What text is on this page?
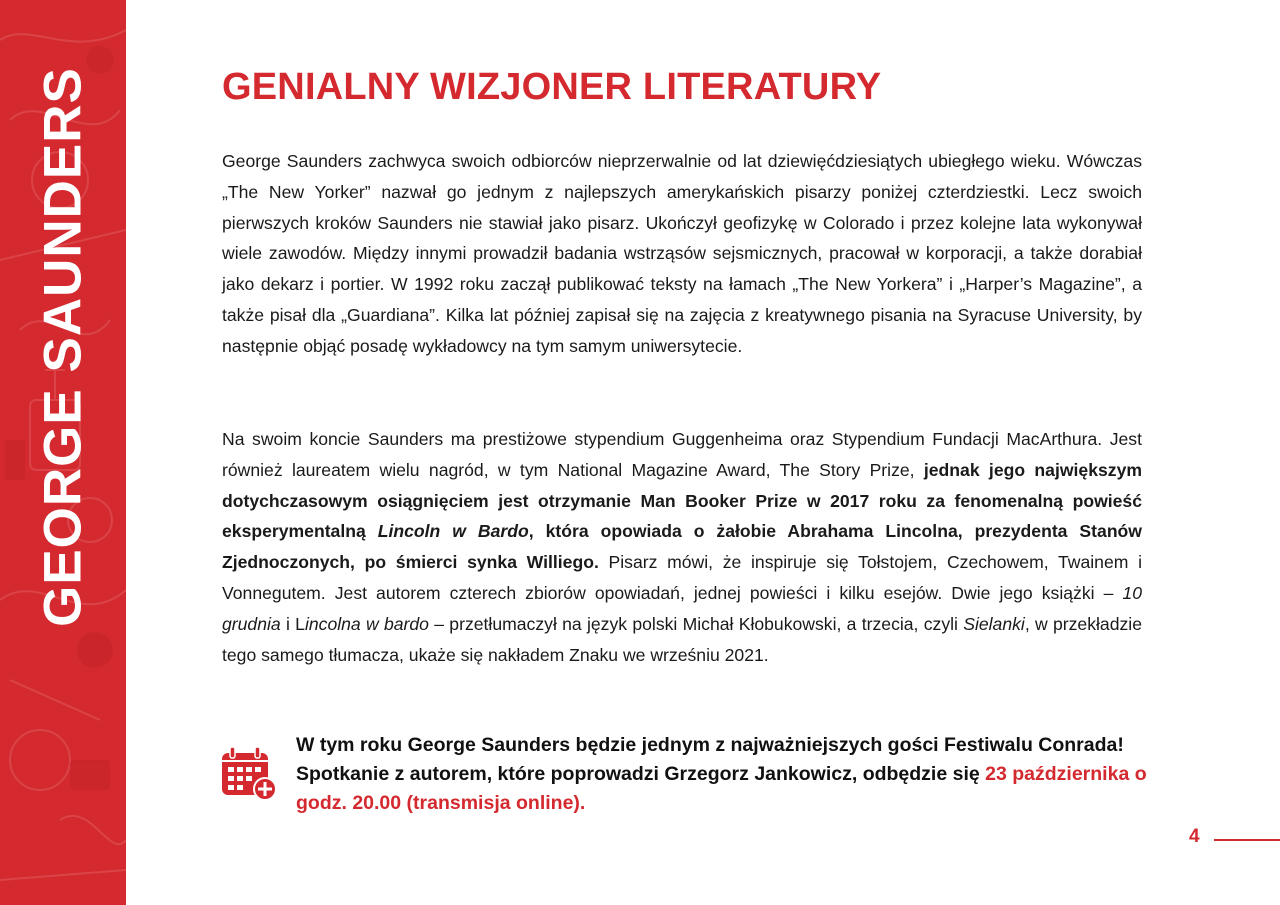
GEORGE SAUNDERS	GENIALNY WIZJONER LITERATURY

George Saunders zachwyca swoich odbiorców nieprzerwalnie od lat dziewięćdziesiątych ubiegłego wieku. Wówczas „The New Yorker” nazwał go jednym z najlepszych amerykańskich pisarzy poniżej czterdziestki. Lecz swoich pierwszych kroków Saunders nie stawiał jako pisarz. Ukończył geofizykę w Colorado i przez kolejne lata wykonywał wiele zawodów. Między innymi prowadził badania wstrząsów sejsmicznych, pracował w korporacji, a także dorabiał jako dekarz i portier. W 1992 roku zaczął publikować teksty na łamach „The New Yorkera” i „Harper’s Magazine”, a także pisał dla „Guardiana”. Kilka lat później zapisał się na zajęcia z kreatywnego pisania na Syracuse University, by następnie objąć posadę wykładowcy na tym samym uniwersytecie.

Na swoim koncie Saunders ma prestiżowe stypendium Guggenheima oraz Stypendium Fundacji MacArthura. Jest również laureatem wielu nagród, w tym National Magazine Award, The Story Prize, jednak jego największym dotychczasowym osiągnięciem jest otrzymanie Man Booker Prize w 2017 roku za fenomenalną powieść eksperymentalną Lincoln w Bardo, która opowiada o żałobie Abrahama Lincolna, prezydenta Stanów Zjednoczonych, po śmierci synka Williego. Pisarz mówi, że inspiruje się Tołstojem, Czechowem, Twainem i Vonnegutem. Jest autorem czterech zbiorów opowiadań, jednej powieści i kilku esejów. Dwie jego książki – 10 grudnia i Lincolna w bardo – przetłumaczył na język polski Michał Kłobukowski, a trzecia, czyli Sielanki, w przekładzie tego samego tłumacza, ukaże się nakładem Znaku we wrześniu 2021.

W tym roku George Saunders będzie jednym z najważniejszych gości Festiwalu Conrada! Spotkanie z autorem, które poprowadzi Grzegorz Jankowicz, odbędzie się 23 października o godz. 20.00 (transmisja online).

4
